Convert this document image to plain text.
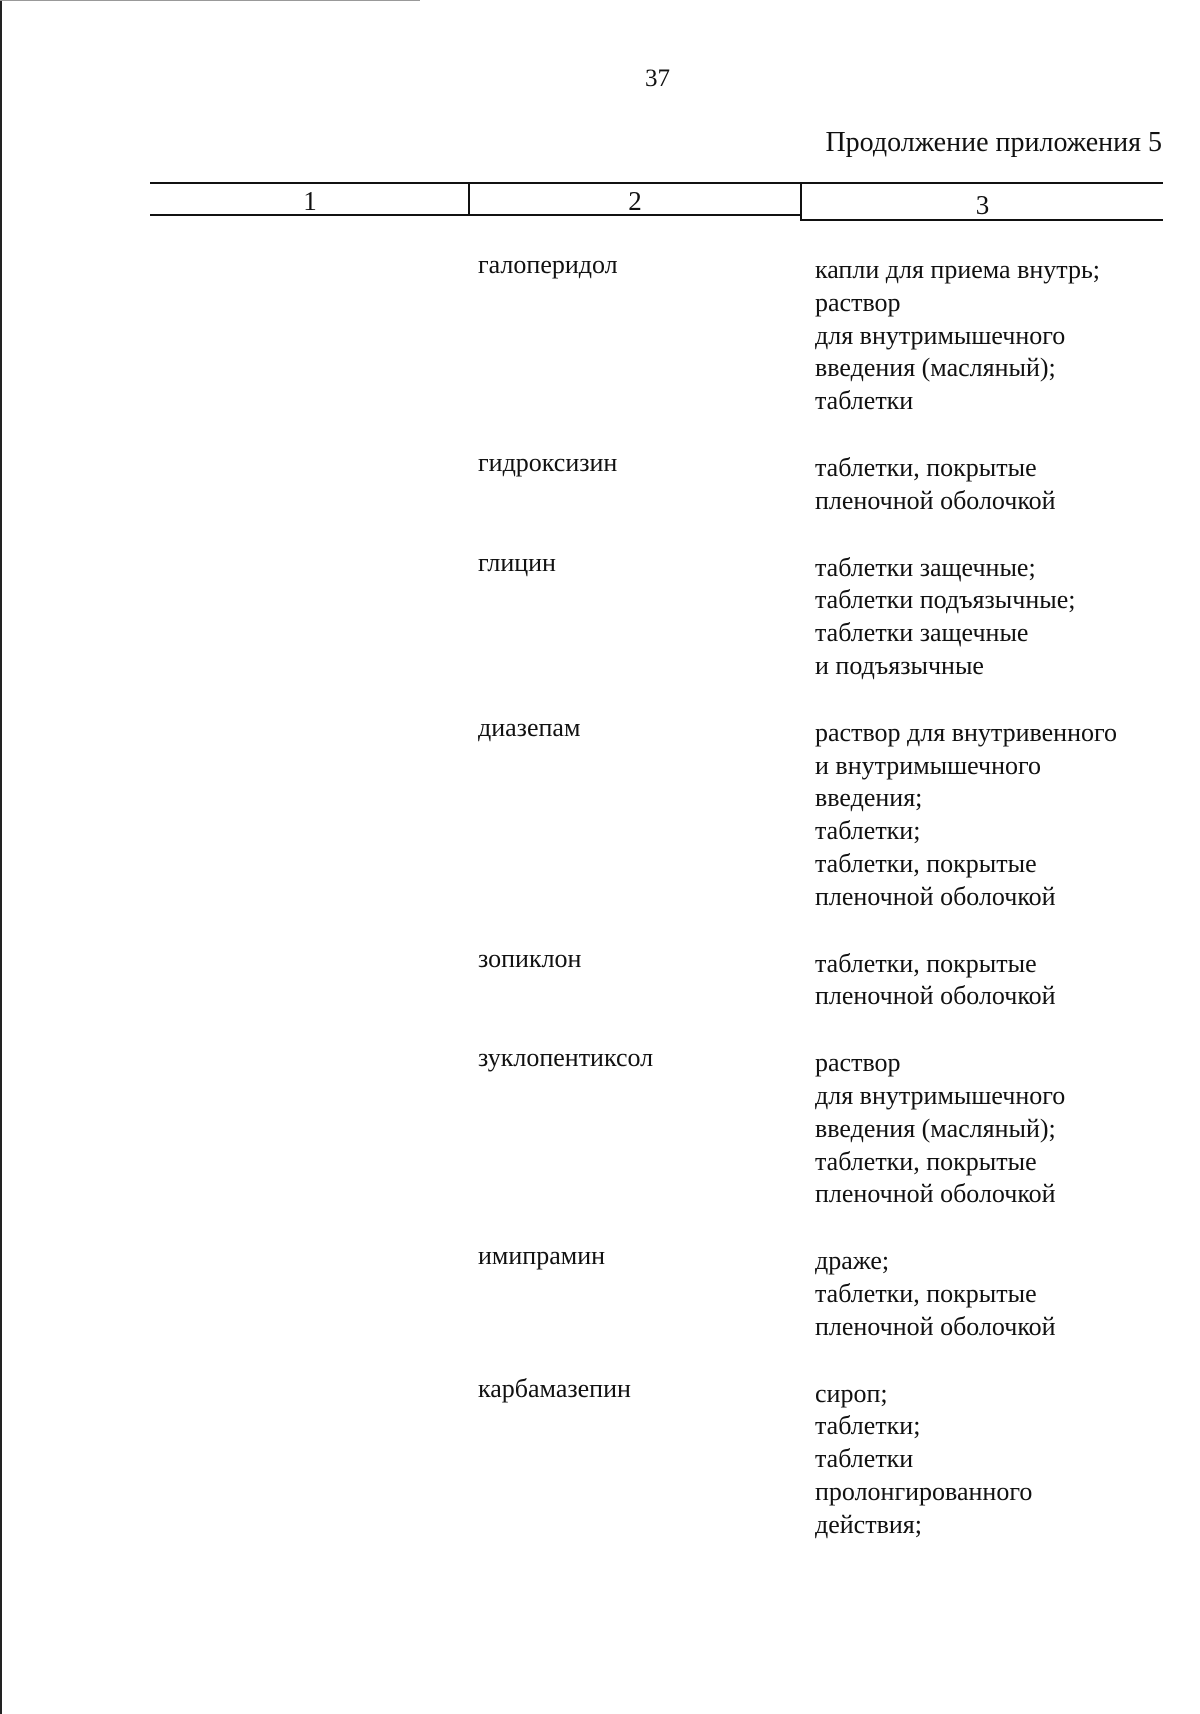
37
Продолжение приложения 5
1	2	3
галоперидол	капли для приема внутрь;
раствор
для внутримышечного
введения (масляный);
таблетки
гидроксизин	таблетки, покрытые
пленочной оболочкой
глицин	таблетки защечные;
таблетки подъязычные;
таблетки защечные
и подъязычные
диазепам	раствор для внутривенного
и внутримышечного
введения;
таблетки;
таблетки, покрытые
пленочной оболочкой
зопиклон	таблетки, покрытые
пленочной оболочкой
зуклопентиксол	раствор
для внутримышечного
введения (масляный);
таблетки, покрытые
пленочной оболочкой
имипрамин	драже;
таблетки, покрытые
пленочной оболочкой
карбамазепин	сироп;
таблетки;
таблетки
пролонгированного
действия;
